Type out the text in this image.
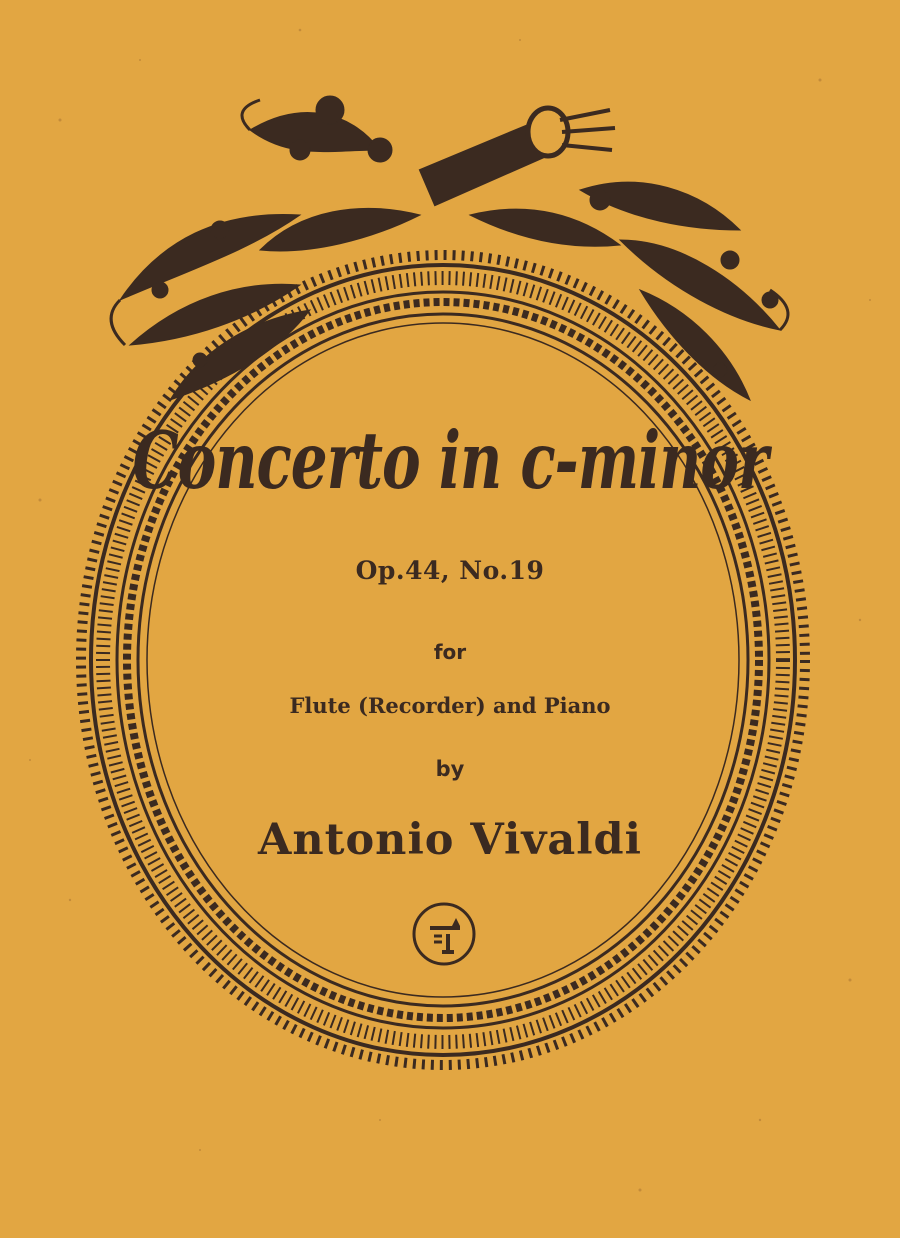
Concerto in c-minor
Op.44, No.19
for
Flute (Recorder) and Piano
by
Antonio Vivaldi
